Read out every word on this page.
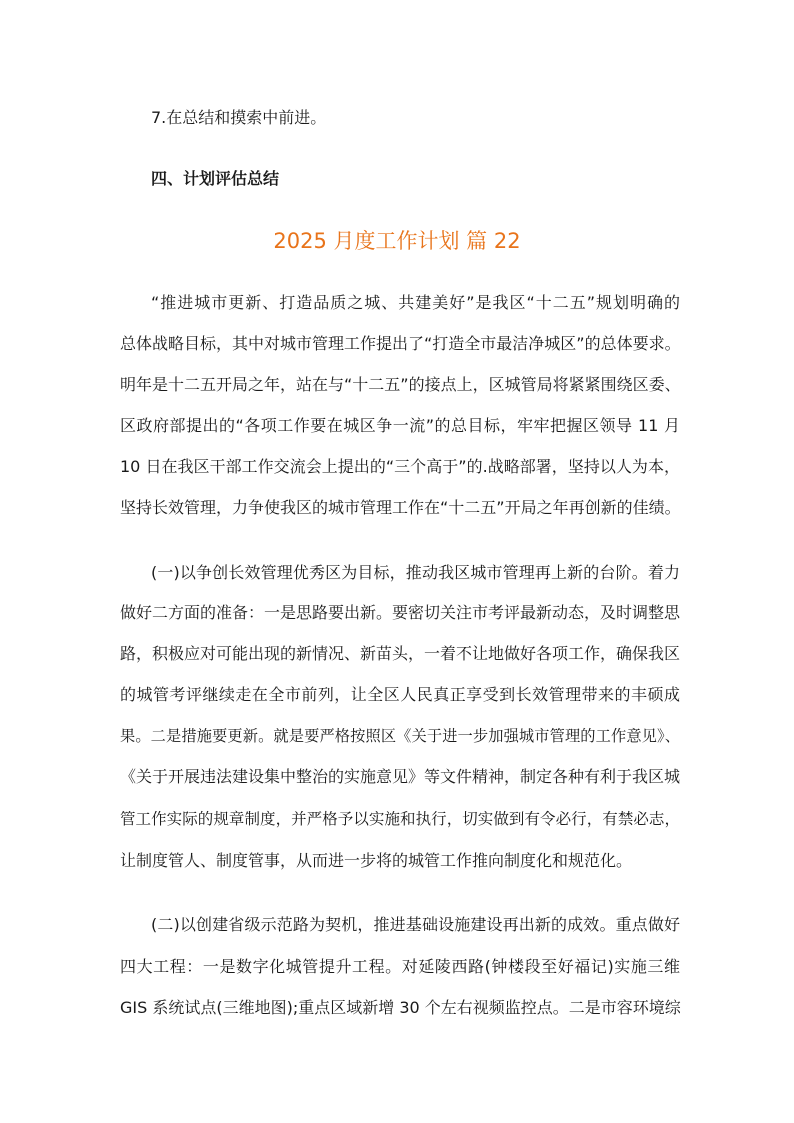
7.在总结和摸索中前进。
四、计划评估总结
2025 月度工作计划 篇 22
“推进城市更新、打造品质之城、共建美好”是我区“十二五”规划明确的
总体战略目标，其中对城市管理工作提出了“打造全市最洁净城区”的总体要求。
明年是十二五开局之年，站在与“十二五”的接点上，区城管局将紧紧围绕区委、
区政府部提出的“各项工作要在城区争一流”的总目标，牢牢把握区领导 11 月
10 日在我区干部工作交流会上提出的“三个高于”的.战略部署，坚持以人为本，
坚持长效管理，力争使我区的城市管理工作在“十二五”开局之年再创新的佳绩。
(一)以争创长效管理优秀区为目标，推动我区城市管理再上新的台阶。着力
做好二方面的准备：一是思路要出新。要密切关注市考评最新动态，及时调整思
路，积极应对可能出现的新情况、新苗头，一着不让地做好各项工作，确保我区
的城管考评继续走在全市前列，让全区人民真正享受到长效管理带来的丰硕成
果。二是措施要更新。就是要严格按照区《关于进一步加强城市管理的工作意见》、
《关于开展违法建设集中整治的实施意见》等文件精神，制定各种有利于我区城
管工作实际的规章制度，并严格予以实施和执行，切实做到有令必行，有禁必志，
让制度管人、制度管事，从而进一步将的城管工作推向制度化和规范化。
(二)以创建省级示范路为契机，推进基础设施建设再出新的成效。重点做好
四大工程：一是数字化城管提升工程。对延陵西路(钟楼段至好福记)实施三维
GIS 系统试点(三维地图);重点区域新增 30 个左右视频监控点。二是市容环境综
